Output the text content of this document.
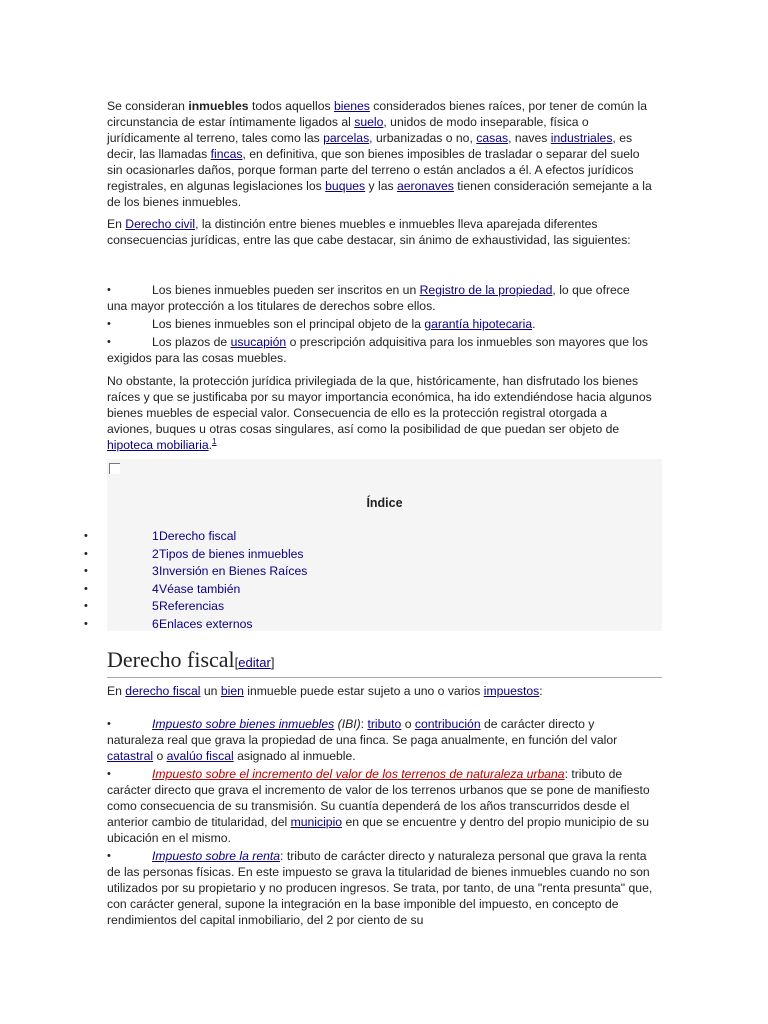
Se consideran inmuebles todos aquellos bienes considerados bienes raíces, por tener de común la circunstancia de estar íntimamente ligados al suelo, unidos de modo inseparable, física o jurídicamente al terreno, tales como las parcelas, urbanizadas o no, casas, naves industriales, es decir, las llamadas fincas, en definitiva, que son bienes imposibles de trasladar o separar del suelo sin ocasionarles daños, porque forman parte del terreno o están anclados a él. A efectos jurídicos registrales, en algunas legislaciones los buques y las aeronaves tienen consideración semejante a la de los bienes inmuebles.

En Derecho civil, la distinción entre bienes muebles e inmuebles lleva aparejada diferentes consecuencias jurídicas, entre las que cabe destacar, sin ánimo de exhaustividad, las siguientes:

•	Los bienes inmuebles pueden ser inscritos en un Registro de la propiedad, lo que ofrece una mayor protección a los titulares de derechos sobre ellos.
•	Los bienes inmuebles son el principal objeto de la garantía hipotecaria.
•	Los plazos de usucapión o prescripción adquisitiva para los inmuebles son mayores que los exigidos para las cosas muebles.

No obstante, la protección jurídica privilegiada de la que, históricamente, han disfrutado los bienes raíces y que se justificaba por su mayor importancia económica, ha ido extendiéndose hacia algunos bienes muebles de especial valor. Consecuencia de ello es la protección registral otorgada a aviones, buques u otras cosas singulares, así como la posibilidad de que puedan ser objeto de hipoteca mobiliaria.$^1$

Índice
•	1 Derecho fiscal
•	2 Tipos de bienes inmuebles
•	3 Inversión en Bienes Raíces
•	4 Véase también
•	5 Referencias
•	6 Enlaces externos
Derecho fiscal[editar]

En derecho fiscal un bien inmueble puede estar sujeto a uno o varios impuestos:

•	Impuesto sobre bienes inmuebles (IBI): tributo o contribución de carácter directo y naturaleza real que grava la propiedad de una finca. Se paga anualmente, en función del valor catastral o avalúo fiscal asignado al inmueble.
•	Impuesto sobre el incremento del valor de los terrenos de naturaleza urbana: tributo de carácter directo que grava el incremento de valor de los terrenos urbanos que se pone de manifiesto como consecuencia de su transmisión. Su cuantía dependerá de los años transcurridos desde el anterior cambio de titularidad, del municipio en que se encuentre y dentro del propio municipio de su ubicación en el mismo.
•	Impuesto sobre la renta: tributo de carácter directo y naturaleza personal que grava la renta de las personas físicas. En este impuesto se grava la titularidad de bienes inmuebles cuando no son utilizados por su propietario y no producen ingresos. Se trata, por tanto, de una "renta presunta" que, con carácter general, supone la integración en la base imponible del impuesto, en concepto de rendimientos del capital inmobiliario, del 2 por ciento de su
